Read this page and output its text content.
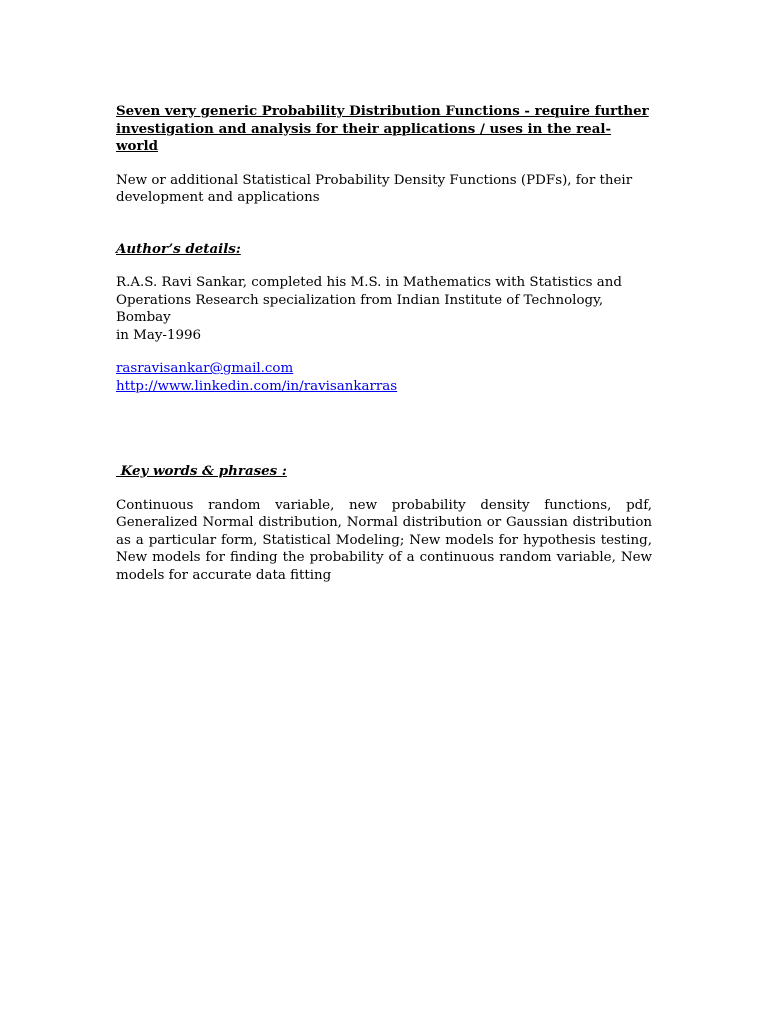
Seven very generic Probability Distribution Functions - require further
investigation and analysis for their applications / uses in the real-world

New or additional Statistical Probability Density Functions (PDFs), for their
development and applications

Author’s details:

R.A.S. Ravi Sankar, completed his M.S. in Mathematics with Statistics and
Operations Research specialization from Indian Institute of Technology, Bombay
in May-1996

rasravisankar@gmail.com
http://www.linkedin.com/in/ravisankarras

Key words & phrases :

Continuous random variable, new probability density functions, pdf, Generalized Normal distribution, Normal distribution or Gaussian distribution as a particular form, Statistical Modeling; New models for hypothesis testing, New models for finding the probability of a continuous random variable, New models for accurate data fitting
